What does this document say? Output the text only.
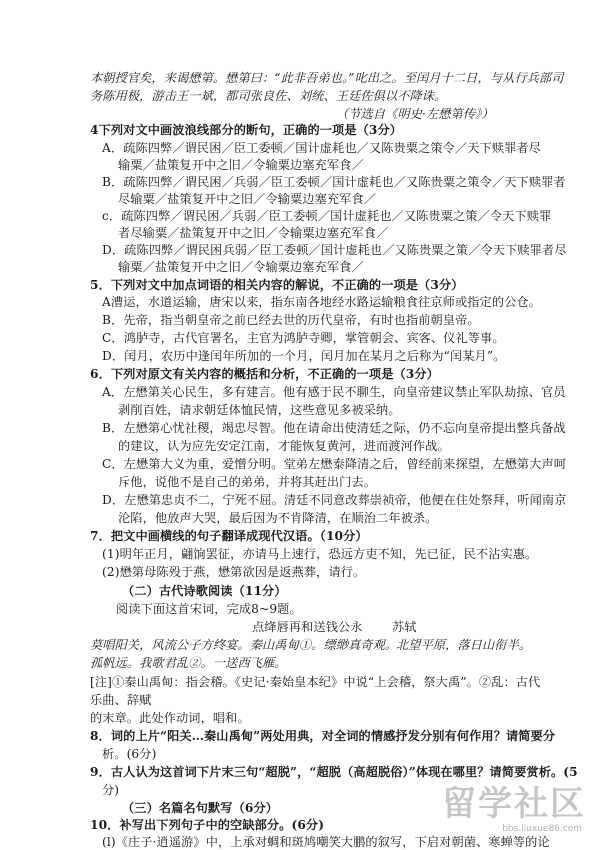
本朝授官矣，来谒懋第。懋第曰：“此非吾弟也。”叱出之。至闰月十二日，与从行兵部司
务陈用极，游击王一斌，都司张良佐、刘统、王廷佐俱以不降诛。
（节选自《明史·左懋第传》）
4下列对文中画波浪线部分的断句，正确的一项是（3分）
A．疏陈四弊／谓民困／臣工委顿／国计虚耗也／又陈贵粟之策令／天下赎罪者尽
输粟／盐策复开中之旧／令输粟边塞充军食／
B．疏陈四弊／谓民困／兵弱／臣工委顿／国计虚耗也／又陈贵粟之策令／天下赎罪者
尽输粟／盐策复开中之旧／令输粟边塞充军食／
c．疏陈四弊／谓民困／兵弱／臣工委顿／国计虚耗也／又陈贵粟之策／令天下赎罪
者尽输粟／盐策复开中之旧／令输粟边塞充军食／
D．疏陈四弊／谓民困兵弱／臣工委顿／国计虚耗也／又陈贵粟之策／令天下赎罪者尽
输粟／盐策复开中之旧／令输粟边塞充军食／
5．下列对文中加点词语的相关内容的解说，不正确的一项是（3分）
A漕运，水道运输，唐宋以来，指东南各地经水路运输粮食往京师或指定的公仓。
B．先帝，指当朝皇帝之前已经去世的历代皇帝，有时也指前朝皇帝。
C．鸿胪寺，古代官署名，主官为鸿胪寺卿，掌管朝会、宾客、仪礼等事。
D．闰月，农历中逢闰年所加的一个月，闰月加在某月之后称为“闰某月”。
6．下列对原文有关内容的概括和分析，不正确的一项是（3分）
A．左懋第关心民生，多有建言。他有感于民不聊生，向皇帝建议禁止军队劫掠、官员
剥削百姓，请求朝廷体恤民情，这些意见多被采纳。
B．左懋第心忧社稷，竭忠尽智。他在请命出使清廷之际，仍不忘向皇帝提出整兵备战
的建议，认为应先安定江南，才能恢复黄河，进而渡河作战。
C．左懋第大义为重，爱憎分明。堂弟左懋泰降清之后，曾经前来探望，左懋第大声呵
斥他，说他不是自己的弟弟，并将其赶出门去。
D．左懋第忠贞不二，宁死不屈。清廷不同意改葬崇祯帝，他便在住处祭拜，听闻南京
沦陷，他放声大哭，最后因为不肯降清，在顺治二年被杀。
7．把文中画横线的句子翻译成现代汉语。（10分）
(1)明年正月，翩饷罢征，亦请马上速行，恐远方吏不知，先已征，民不沾实惠。
(2)懋第母陈殁于燕，懋第欲因是返燕葬，请行。
（二）古代诗歌阅读（11分）
阅读下面这首宋词，完成8~9题。
点绛唇再和送钱公永 苏轼
莫唱阳关，风流公子方终宴。秦山禹甸①。缥缈真奇观。
北望平原，落日山衔半。
孤帆远。我歌君乱②。一送西飞雁。
[注]①秦山禹甸：指会稽。《史记·秦始皇本纪》中说“上会稽，祭大禹”。②乱：古代
乐曲、辞赋
的末章。此处作动词，唱和。
8．词的上片“阳关…秦山禹甸”两处用典，对全词的情感抒发分别有何作用？请简要分
析。(6分)
9．古人认为这首词下片末三句“超脱”，“超脱（高超脱俗）”体现在哪里？请简要赏析。(5
分)
（三）名篇名句默写（6分）
10．补写出下列句子中的空缺部分。(6分)
(l)《庄子·逍遥游》中，上承对蜩和斑鸠嘲笑大鹏的叙写，下启对朝菌、寒蝉等的论
留学社区
bbs.liuxue86.com
